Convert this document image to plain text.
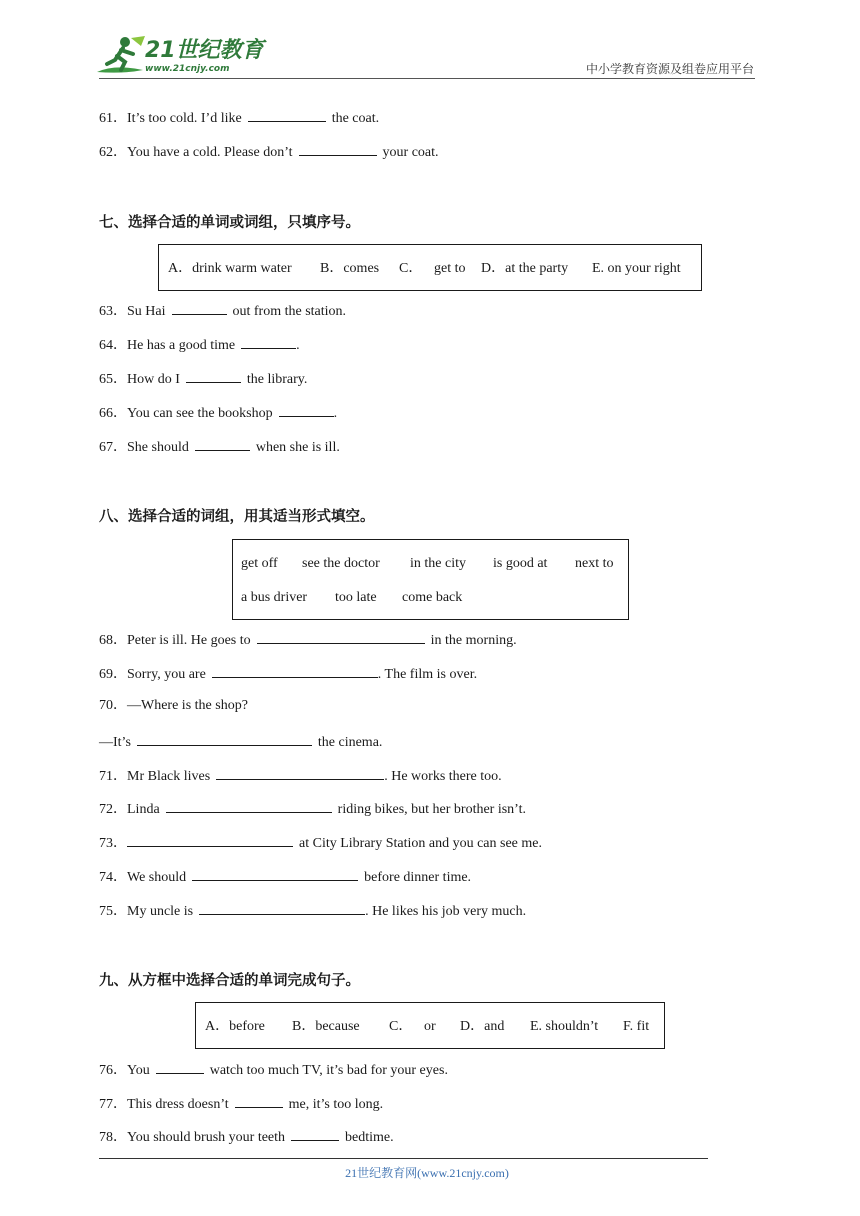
21世纪教育
www.21cnjy.com	中小学教育资源及组卷应用平台
61．It’s too cold. I’d like	the coat.
62．You have a cold. Please don’t	your coat.
七、选择合适的单词或词组，只填序号。
A．drink warm water B．comes C． get to D．at the party E. on your right
63．Su Hai	out from the station.
64．He has a good time	.
65．How do I	the library.
66．You can see the bookshop	.
67．She should	when she is ill.
八、选择合适的词组，用其适当形式填空。
get off see the doctor in the city is good at next to
a bus driver too late come back
68．Peter is ill. He goes to	in the morning.
69．Sorry, you are	. The film is over.
70．—Where is the shop?
—It’s	the cinema.
71．Mr Black lives	. He works there too.
72．Linda	riding bikes, but her brother isn’t.
73．	at City Library Station and you can see me.
74．We should	before dinner time.
75．My uncle is	. He likes his job very much.
九、从方框中选择合适的单词完成句子。
A．before B．because C． or D．and E. shouldn’t F. fit
76．You	watch too much TV, it’s bad for your eyes.
77．This dress doesn’t	me, it’s too long.
78．You should brush your teeth	bedtime.
21世纪教育网(www.21cnjy.com)
